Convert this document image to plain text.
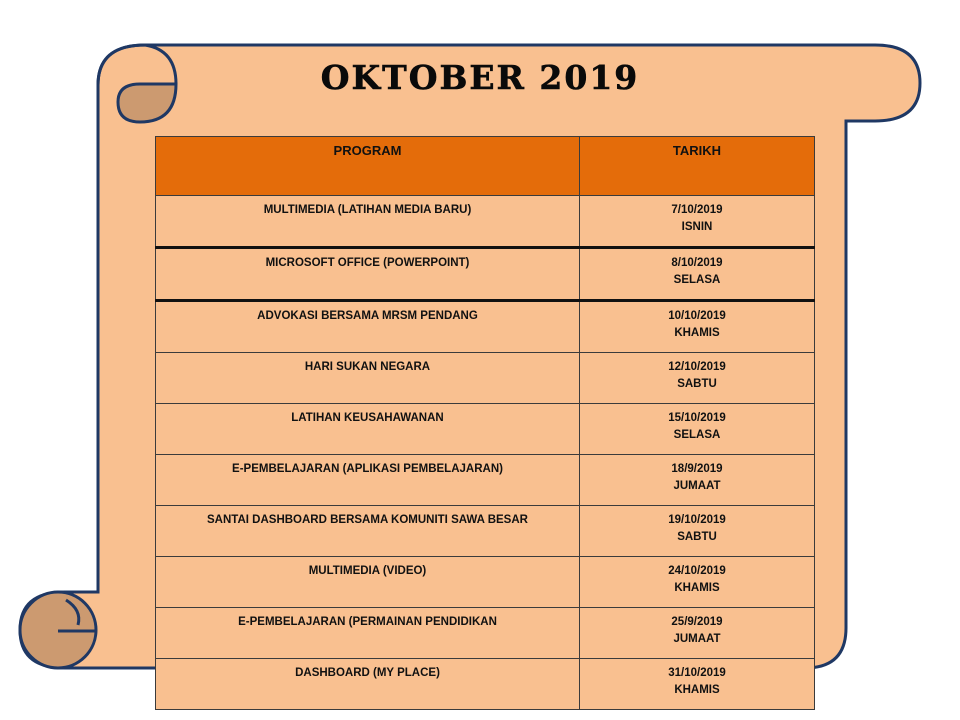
OKTOBER 2019
PROGRAM	TARIKH
MULTIMEDIA (LATIHAN MEDIA BARU)	7/10/2019
ISNIN

MICROSOFT OFFICE (POWERPOINT)	8/10/2019
SELASA

ADVOKASI BERSAMA MRSM PENDANG	10/10/2019
KHAMIS

HARI SUKAN NEGARA	12/10/2019
SABTU

LATIHAN KEUSAHAWANAN	15/10/2019
SELASA

E-PEMBELAJARAN (APLIKASI PEMBELAJARAN)	18/9/2019
JUMAAT

SANTAI DASHBOARD BERSAMA KOMUNITI SAWA BESAR	19/10/2019
SABTU

MULTIMEDIA (VIDEO)	24/10/2019
KHAMIS

E-PEMBELAJARAN (PERMAINAN PENDIDIKAN	25/9/2019
JUMAAT

DASHBOARD (MY PLACE)	31/10/2019
KHAMIS
